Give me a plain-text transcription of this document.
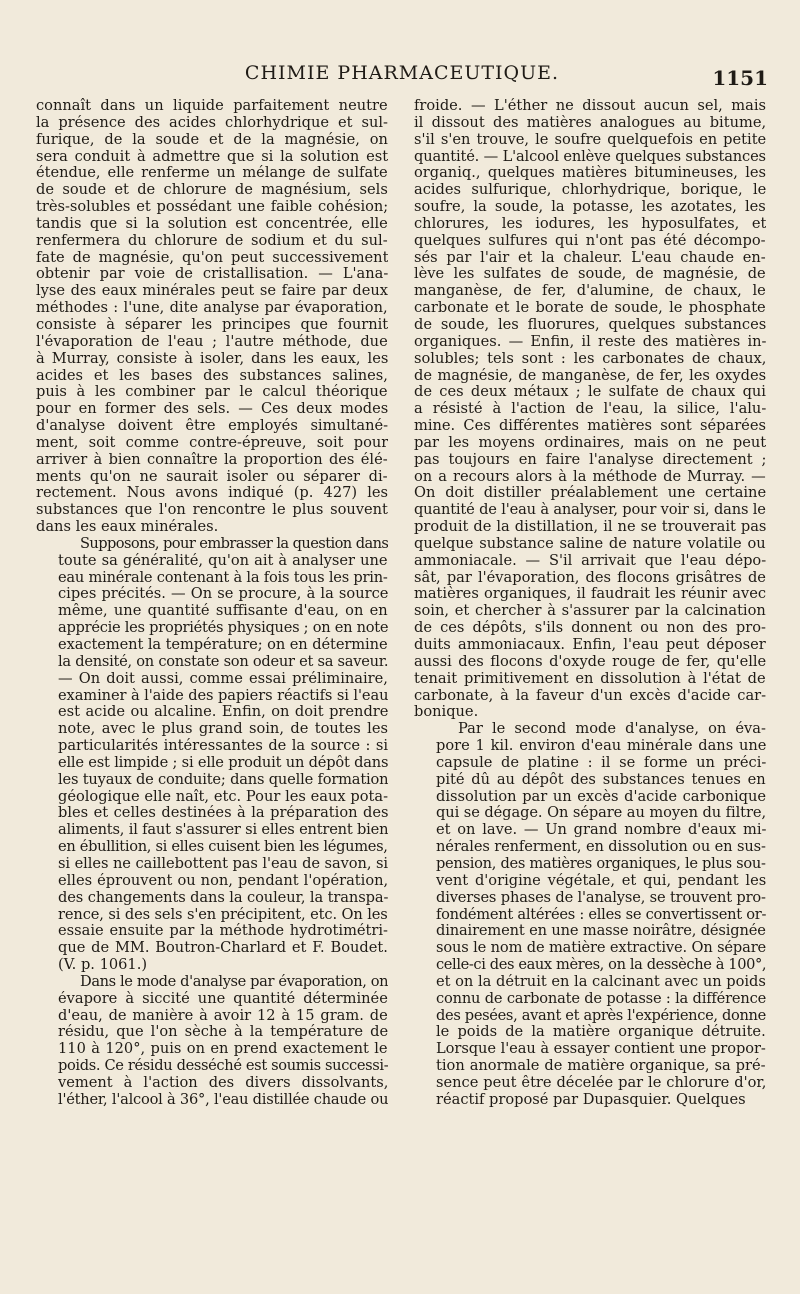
CHIMIE PHARMACEUTIQUE.	1151

connaît dans un liquide parfaitement neutre
la présence des acides chlorhydrique et sul-
furique, de la soude et de la magnésie, on
sera conduit à admettre que si la solution est
étendue, elle renferme un mélange de sulfate
de soude et de chlorure de magnésium, sels
très-solubles et possédant une faible cohésion;
tandis que si la solution est concentrée, elle
renfermera du chlorure de sodium et du sul-
fate de magnésie, qu'on peut successivement
obtenir par voie de cristallisation. — L'ana-
lyse des eaux minérales peut se faire par deux
méthodes : l'une, dite analyse par évaporation,
consiste à séparer les principes que fournit
l'évaporation de l'eau ; l'autre méthode, due
à Murray, consiste à isoler, dans les eaux, les
acides et les bases des substances salines,
puis à les combiner par le calcul théorique
pour en former des sels. — Ces deux modes
d'analyse doivent être employés simultané-
ment, soit comme contre-épreuve, soit pour
arriver à bien connaître la proportion des élé-
ments qu'on ne saurait isoler ou séparer di-
rectement. Nous avons indiqué (p. 427) les
substances que l'on rencontre le plus souvent
dans les eaux minérales.

Supposons, pour embrasser la question dans
toute sa généralité, qu'on ait à analyser une
eau minérale contenant à la fois tous les prin-
cipes précités. — On se procure, à la source
même, une quantité suffisante d'eau, on en
apprécie les propriétés physiques ; on en note
exactement la température; on en détermine
la densité, on constate son odeur et sa saveur.
— On doit aussi, comme essai préliminaire,
examiner à l'aide des papiers réactifs si l'eau
est acide ou alcaline. Enfin, on doit prendre
note, avec le plus grand soin, de toutes les
particularités intéressantes de la source : si
elle est limpide ; si elle produit un dépôt dans
les tuyaux de conduite; dans quelle formation
géologique elle naît, etc. Pour les eaux pota-
bles et celles destinées à la préparation des
aliments, il faut s'assurer si elles entrent bien
en ébullition, si elles cuisent bien les légumes,
si elles ne caillebottent pas l'eau de savon, si
elles éprouvent ou non, pendant l'opération,
des changements dans la couleur, la transpa-
rence, si des sels s'en précipitent, etc. On les
essaie ensuite par la méthode hydrotimétri-
que de MM. Boutron-Charlard et F. Boudet.
(V. p. 1061.)

Dans le mode d'analyse par évaporation, on
évapore à siccité une quantité déterminée
d'eau, de manière à avoir 12 à 15 gram. de
résidu, que l'on sèche à la température de
110 à 120°, puis on en prend exactement le
poids. Ce résidu desséché est soumis successi-
vement à l'action des divers dissolvants,
l'éther, l'alcool à 36°, l'eau distillée chaude ou

froide. — L'éther ne dissout aucun sel, mais
il dissout des matières analogues au bitume,
s'il s'en trouve, le soufre quelquefois en petite
quantité. — L'alcool enlève quelques substances
organiq., quelques matières bitumineuses, les
acides sulfurique, chlorhydrique, borique, le
soufre, la soude, la potasse, les azotates, les
chlorures, les iodures, les hyposulfates, et
quelques sulfures qui n'ont pas été décompo-
sés par l'air et la chaleur. L'eau chaude en-
lève les sulfates de soude, de magnésie, de
manganèse, de fer, d'alumine, de chaux, le
carbonate et le borate de soude, le phosphate
de soude, les fluorures, quelques substances
organiques. — Enfin, il reste des matières in-
solubles; tels sont : les carbonates de chaux,
de magnésie, de manganèse, de fer, les oxydes
de ces deux métaux ; le sulfate de chaux qui
a résisté à l'action de l'eau, la silice, l'alu-
mine. Ces différentes matières sont séparées
par les moyens ordinaires, mais on ne peut
pas toujours en faire l'analyse directement ;
on a recours alors à la méthode de Murray. —
On doit distiller préalablement une certaine
quantité de l'eau à analyser, pour voir si, dans le
produit de la distillation, il ne se trouverait pas
quelque substance saline de nature volatile ou
ammoniacale. — S'il arrivait que l'eau dépo-
sât, par l'évaporation, des flocons grisâtres de
matières organiques, il faudrait les réunir avec
soin, et chercher à s'assurer par la calcination
de ces dépôts, s'ils donnent ou non des pro-
duits ammoniacaux. Enfin, l'eau peut déposer
aussi des flocons d'oxyde rouge de fer, qu'elle
tenait primitivement en dissolution à l'état de
carbonate, à la faveur d'un excès d'acide car-
bonique.

Par le second mode d'analyse, on éva-
pore 1 kil. environ d'eau minérale dans une
capsule de platine : il se forme un préci-
pité dû au dépôt des substances tenues en
dissolution par un excès d'acide carbonique
qui se dégage. On sépare au moyen du filtre,
et on lave. — Un grand nombre d'eaux mi-
nérales renferment, en dissolution ou en sus-
pension, des matières organiques, le plus sou-
vent d'origine végétale, et qui, pendant les
diverses phases de l'analyse, se trouvent pro-
fondément altérées : elles se convertissent or-
dinairement en une masse noirâtre, désignée
sous le nom de matière extractive. On sépare
celle-ci des eaux mères, on la dessèche à 100°,
et on la détruit en la calcinant avec un poids
connu de carbonate de potasse : la différence
des pesées, avant et après l'expérience, donne
le poids de la matière organique détruite.
Lorsque l'eau à essayer contient une propor-
tion anormale de matière organique, sa pré-
sence peut être décelée par le chlorure d'or,
réactif proposé par Dupasquier. Quelques
